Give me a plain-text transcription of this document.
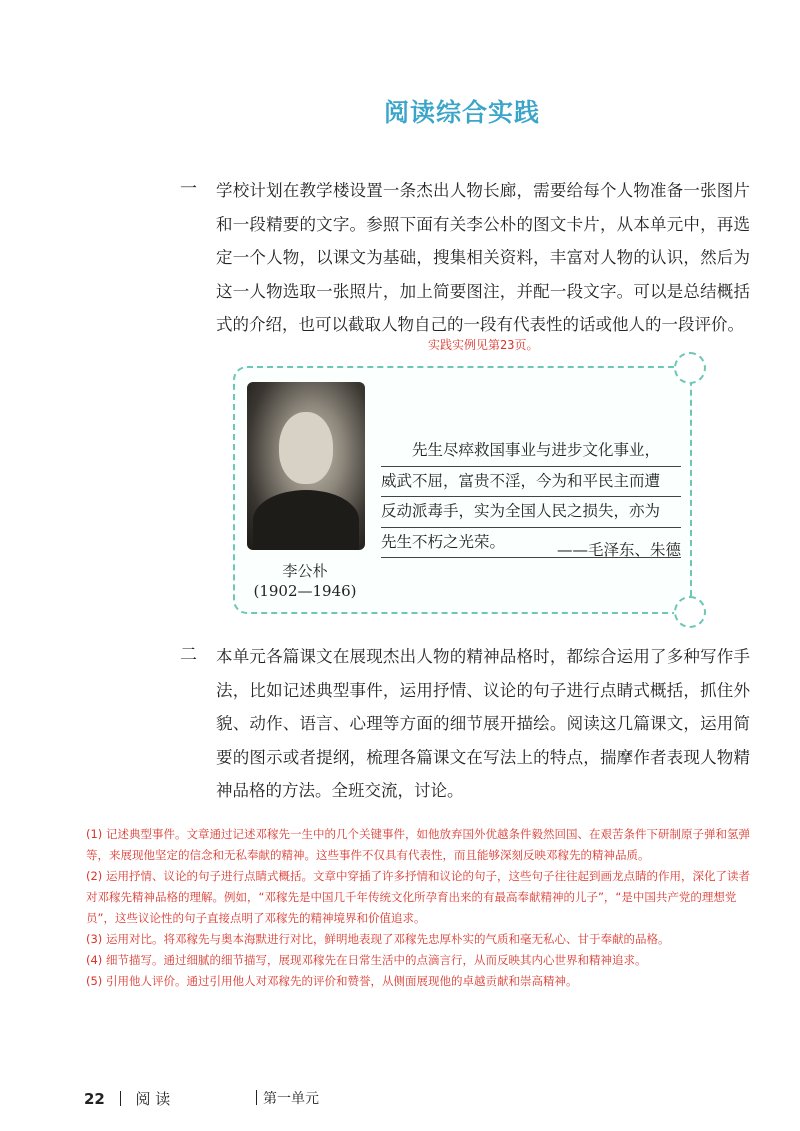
阅读综合实践
一 学校计划在教学楼设置一条杰出人物长廊，需要给每个人物准备一张图片和一段精要的文字。参照下面有关李公朴的图文卡片，从本单元中，再选定一个人物，以课文为基础，搜集相关资料，丰富对人物的认识，然后为这一人物选取一张照片，加上简要图注，并配一段文字。可以是总结概括式的介绍，也可以截取人物自己的一段有代表性的话或他人的一段评价。
实践实例见第23页。
李公朴
(1902—1946)
先生尽瘁救国事业与进步文化事业，
威武不屈，富贵不淫，今为和平民主而遭
反动派毒手，实为全国人民之损失，亦为
先生不朽之光荣。	——毛泽东、朱德
二 本单元各篇课文在展现杰出人物的精神品格时，都综合运用了多种写作手法，比如记述典型事件，运用抒情、议论的句子进行点睛式概括，抓住外貌、动作、语言、心理等方面的细节展开描绘。阅读这几篇课文，运用简要的图示或者提纲，梳理各篇课文在写法上的特点，揣摩作者表现人物精神品格的方法。全班交流，讨论。

(1) 记述典型事件。文章通过记述邓稼先一生中的几个关键事件，如他放弃国外优越条件毅然回国、在艰苦条件下研制原子弹和氢弹等，来展现他坚定的信念和无私奉献的精神。这些事件不仅具有代表性，而且能够深刻反映邓稼先的精神品质。

(2) 运用抒情、议论的句子进行点睛式概括。文章中穿插了许多抒情和议论的句子，这些句子往往起到画龙点睛的作用，深化了读者对邓稼先精神品格的理解。例如，“邓稼先是中国几千年传统文化所孕育出来的有最高奉献精神的儿子”，“是中国共产党的理想党员”，这些议论性的句子直接点明了邓稼先的精神境界和价值追求。

(3) 运用对比。将邓稼先与奥本海默进行对比，鲜明地表现了邓稼先忠厚朴实的气质和毫无私心、甘于奉献的品格。

(4) 细节描写。通过细腻的细节描写，展现邓稼先在日常生活中的点滴言行，从而反映其内心世界和精神追求。

(5) 引用他人评价。通过引用他人对邓稼先的评价和赞誉，从侧面展现他的卓越贡献和崇高精神。

22 阅 读	第一单元
